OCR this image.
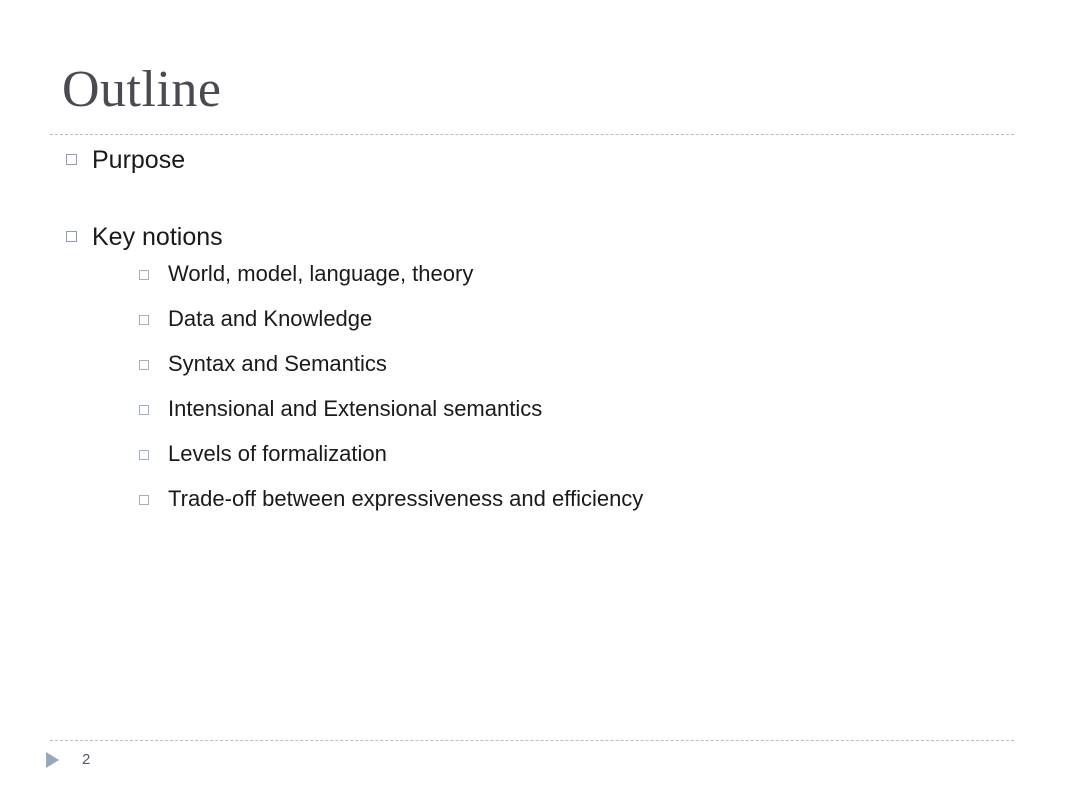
Outline
Purpose
Key notions
World, model, language, theory
Data and Knowledge
Syntax and Semantics
Intensional and Extensional semantics
Levels of formalization
Trade-off between expressiveness and efficiency
2
